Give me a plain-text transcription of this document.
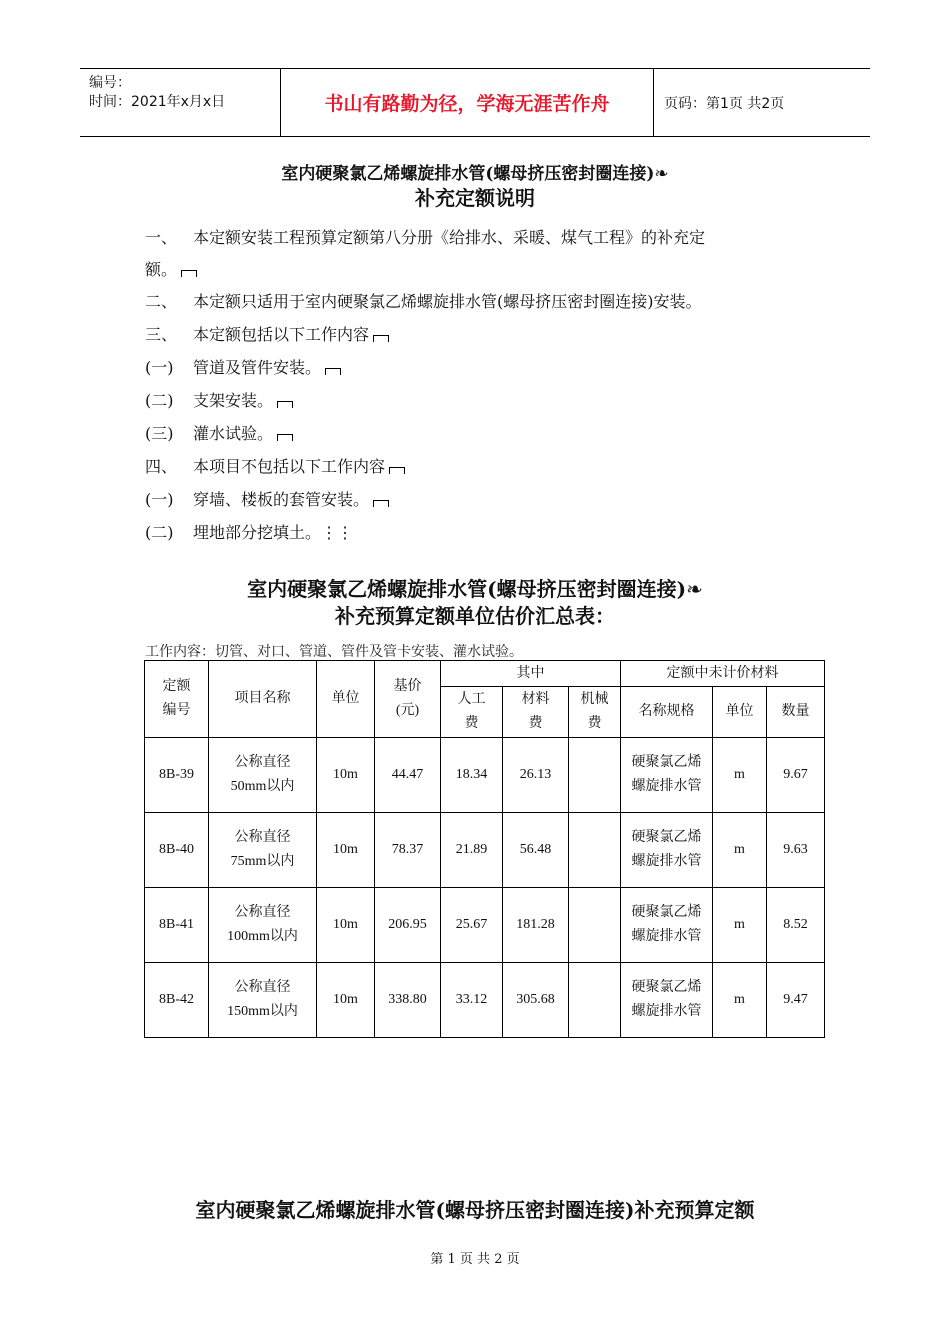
编号：
时间：2021年x月x日	书山有路勤为径，学海无涯苦作舟	页码：第1页 共2页
室内硬聚氯乙烯螺旋排水管(螺母挤压密封圈连接)❧
补充定额说明
一、 本定额安装工程预算定额第八分册《给排水、采暖、煤气工程》的补充定
额。
二、 本定额只适用于室内硬聚氯乙烯螺旋排水管(螺母挤压密封圈连接)安装。
三、 本定额包括以下工作内容
(一) 管道及管件安装。
(二) 支架安装。
(三) 灌水试验。
四、 本项目不包括以下工作内容
(一) 穿墙、楼板的套管安装。
(二) 埋地部分挖填土。⋮⋮
室内硬聚氯乙烯螺旋排水管(螺母挤压密封圈连接)❧
补充预算定额单位估价汇总表：
工作内容：切管、对口、管道、管件及管卡安装、灌水试验。
定额编号	项目名称	单位	基价(元)	其中			定额中未计价材料		
				人工费	材料费	机械费	名称规格	单位	数量
8B-39	公称直径50mm以内	10m	44.47	18.34	26.13		硬聚氯乙烯螺旋排水管	m	9.67
8B-40	公称直径75mm以内	10m	78.37	21.89	56.48		硬聚氯乙烯螺旋排水管	m	9.63
8B-41	公称直径100mm以内	10m	206.95	25.67	181.28		硬聚氯乙烯螺旋排水管	m	8.52
8B-42	公称直径150mm以内	10m	338.80	33.12	305.68		硬聚氯乙烯螺旋排水管	m	9.47
室内硬聚氯乙烯螺旋排水管(螺母挤压密封圈连接)补充预算定额
第 1 页 共 2 页
